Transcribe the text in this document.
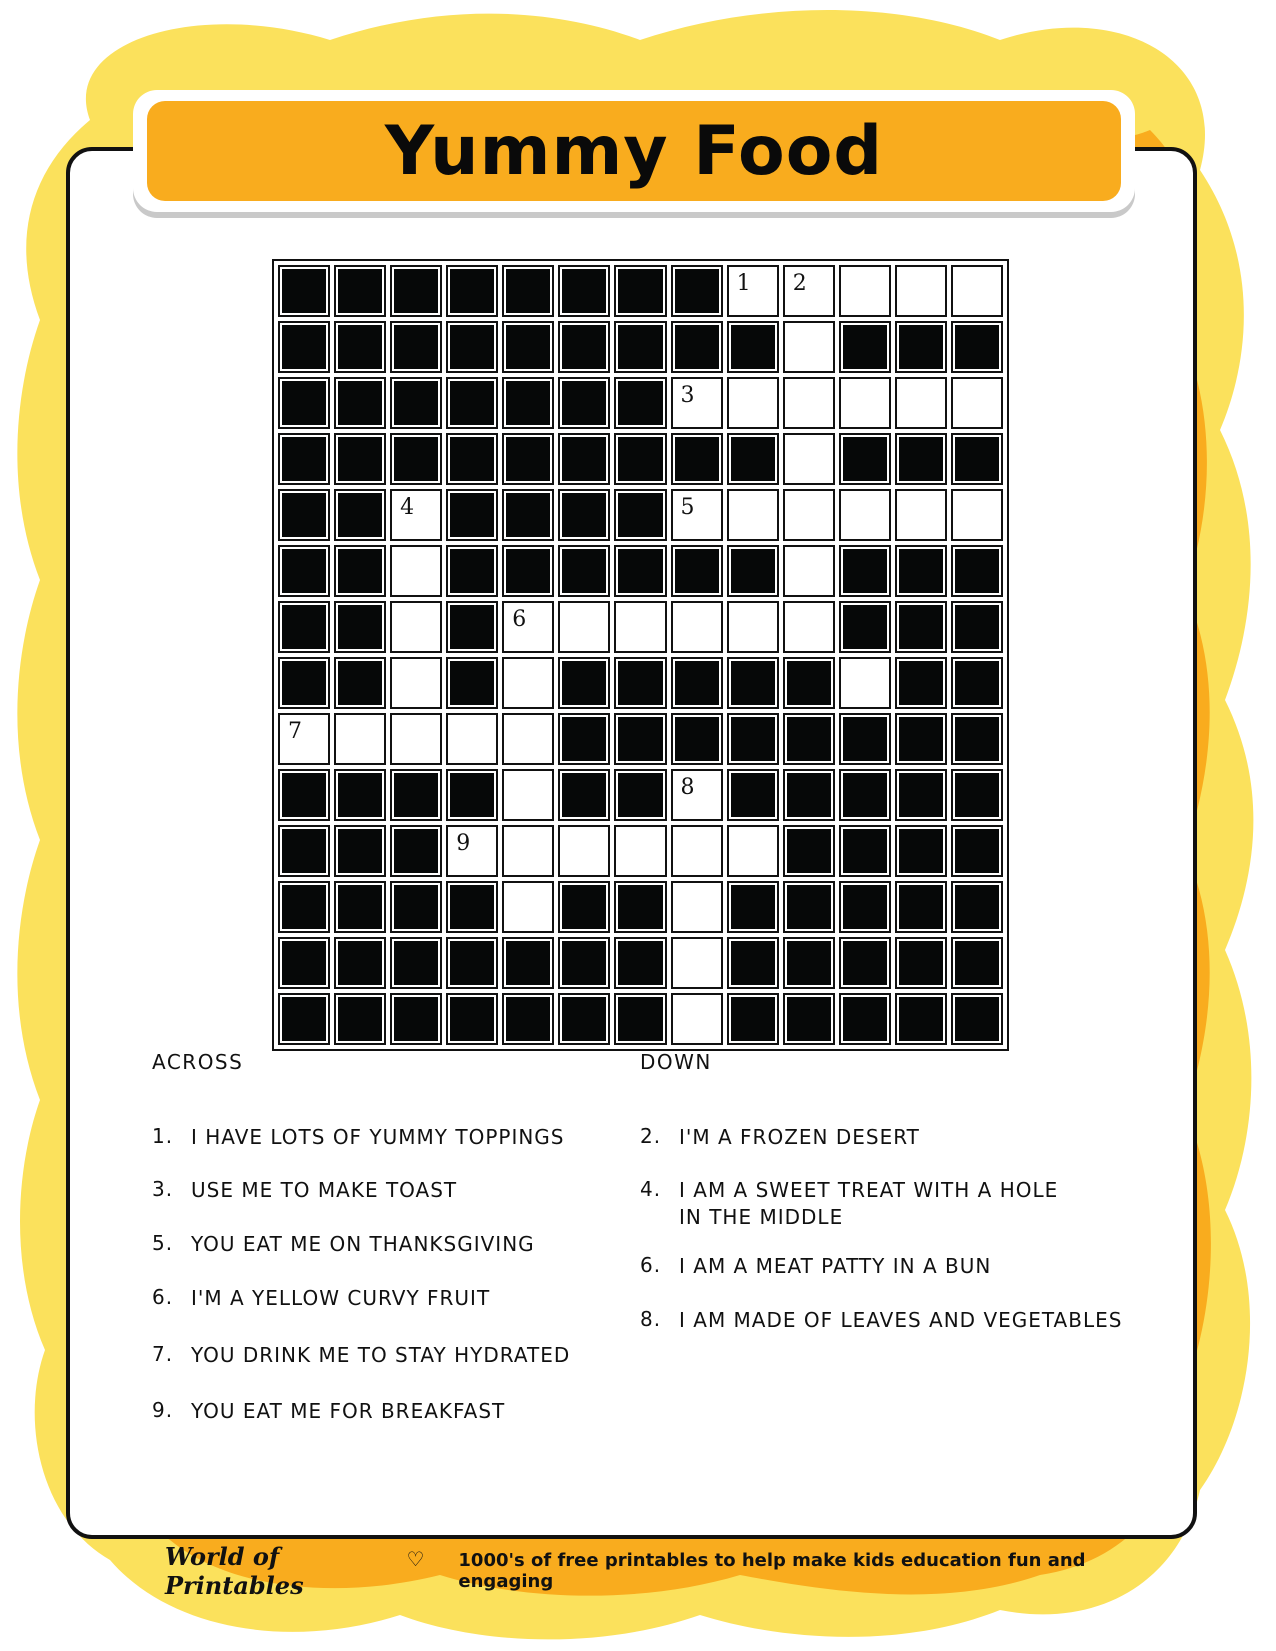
Yummy Food
1 2
3
4	5
6
7
8
9
ACROSS	DOWN
1. I HAVE LOTS OF YUMMY TOPPINGS
3. USE ME TO MAKE TOAST
5. YOU EAT ME ON THANKSGIVING
6. I'M A YELLOW CURVY FRUIT
7. YOU DRINK ME TO STAY HYDRATED
9. YOU EAT ME FOR BREAKFAST
2. I'M A FROZEN DESERT
4. I AM A SWEET TREAT WITH A HOLE IN THE MIDDLE
6. I AM A MEAT PATTY IN A BUN
8. I AM MADE OF LEAVES AND VEGETABLES
World of Printables
♡ 1000's of free printables to help make kids education fun and engaging
